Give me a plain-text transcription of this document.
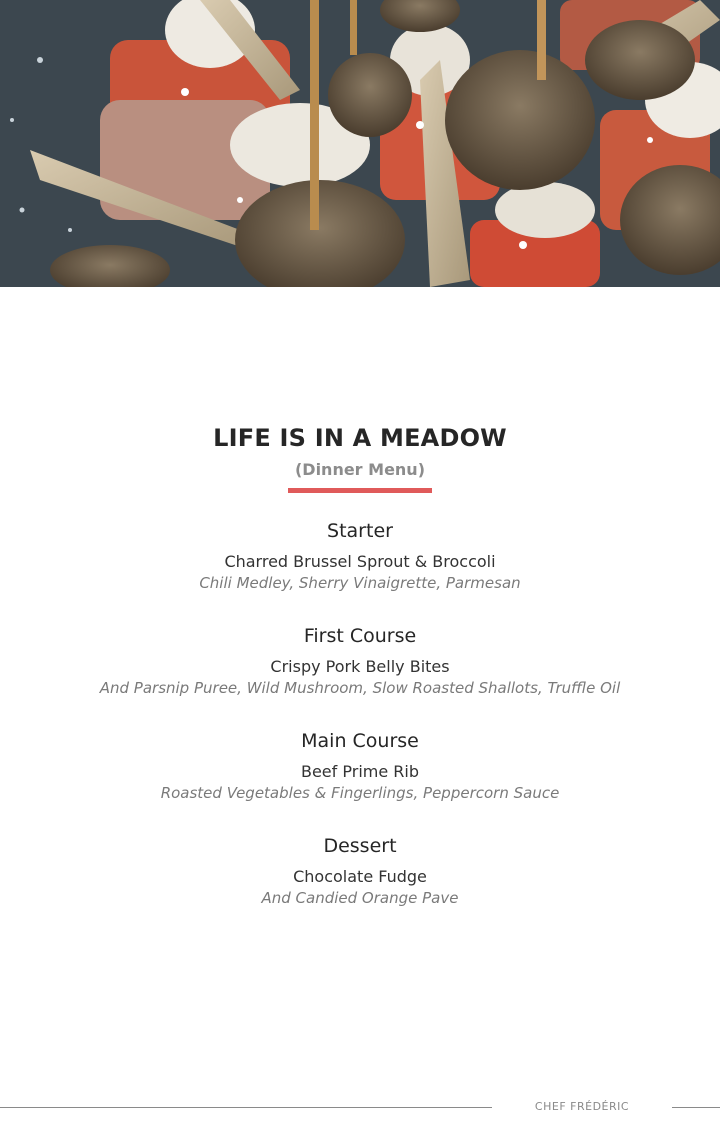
LIFE IS IN A MEADOW
(Dinner Menu)
Starter
Charred Brussel Sprout & Broccoli
Chili Medley, Sherry Vinaigrette, Parmesan
First Course
Crispy Pork Belly Bites
And Parsnip Puree, Wild Mushroom, Slow Roasted Shallots, Truffle Oil
Main Course
Beef Prime Rib
Roasted Vegetables & Fingerlings, Peppercorn Sauce
Dessert
Chocolate Fudge
And Candied Orange Pave
CHEF FRÉDÉRIC
